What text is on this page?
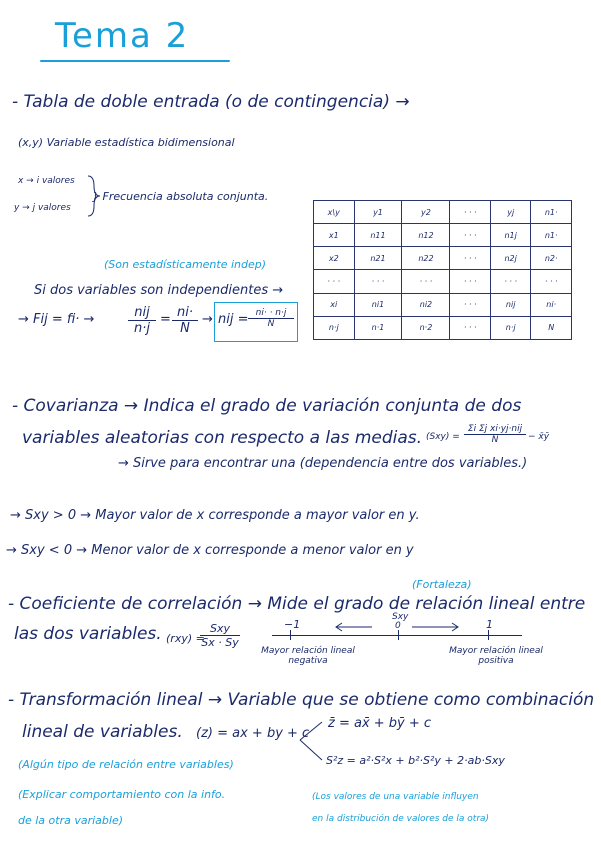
Tema 2
- Tabla de doble entrada (o de contingencia) →
(x,y) Variable estadística bidimensional
x → i valores
y → j valores
} Frecuencia absoluta conjunta.
x\y	y1	y2	· · ·	yj	n1·
x1	n11	n12	· · ·	n1j	n1·
x2	n21	n22	· · ·	n2j	n2·
· · ·	· · ·	· · ·	· · ·	· · ·	· · ·
xi	ni1	ni2	· · ·	nij	ni·
n·j	n·1	n·2	· · ·	n·j	N
(Son estadísticamente indep)
Si dos variables son independientes →
→ Fij = fi· →	nij
n·j
= $\frac{ni\cdot}{N}$ → nij = $\frac{ni\cdot \cdot n\cdot j}{N}$
- Covarianza → Indica el grado de variación conjunta de dos
variables aleatorias con respecto a las medias. (Sxy) =
Σi Σj xi·yj·nij
N	− x̄ȳ
→ Sirve para encontrar una (dependencia entre dos variables.)
→ Sxy > 0 → Mayor valor de x corresponde a mayor valor en y.
→ Sxy < 0 → Menor valor de x corresponde a menor valor en y
(Fortaleza)
- Coeficiente de correlación → Mide el grado de relación lineal entre
las dos variables. (rxy) =
Sxy
Sx · Sy
−1
Sxy
0	1
Mayor relación lineal negativa
Mayor relación lineal positiva
- Transformación lineal → Variable que se obtiene como combinación
lineal de variables. (z) = ax + by + c
z̄ = ax̄ + bȳ + c
S²z = a²·S²x + b²·S²y + 2·ab·Sxy
(Algún tipo de relación entre variables)
(Explicar comportamiento con la info.
de la otra variable)
(Los valores de una variable influyen
en la distribución de valores de la otra)
